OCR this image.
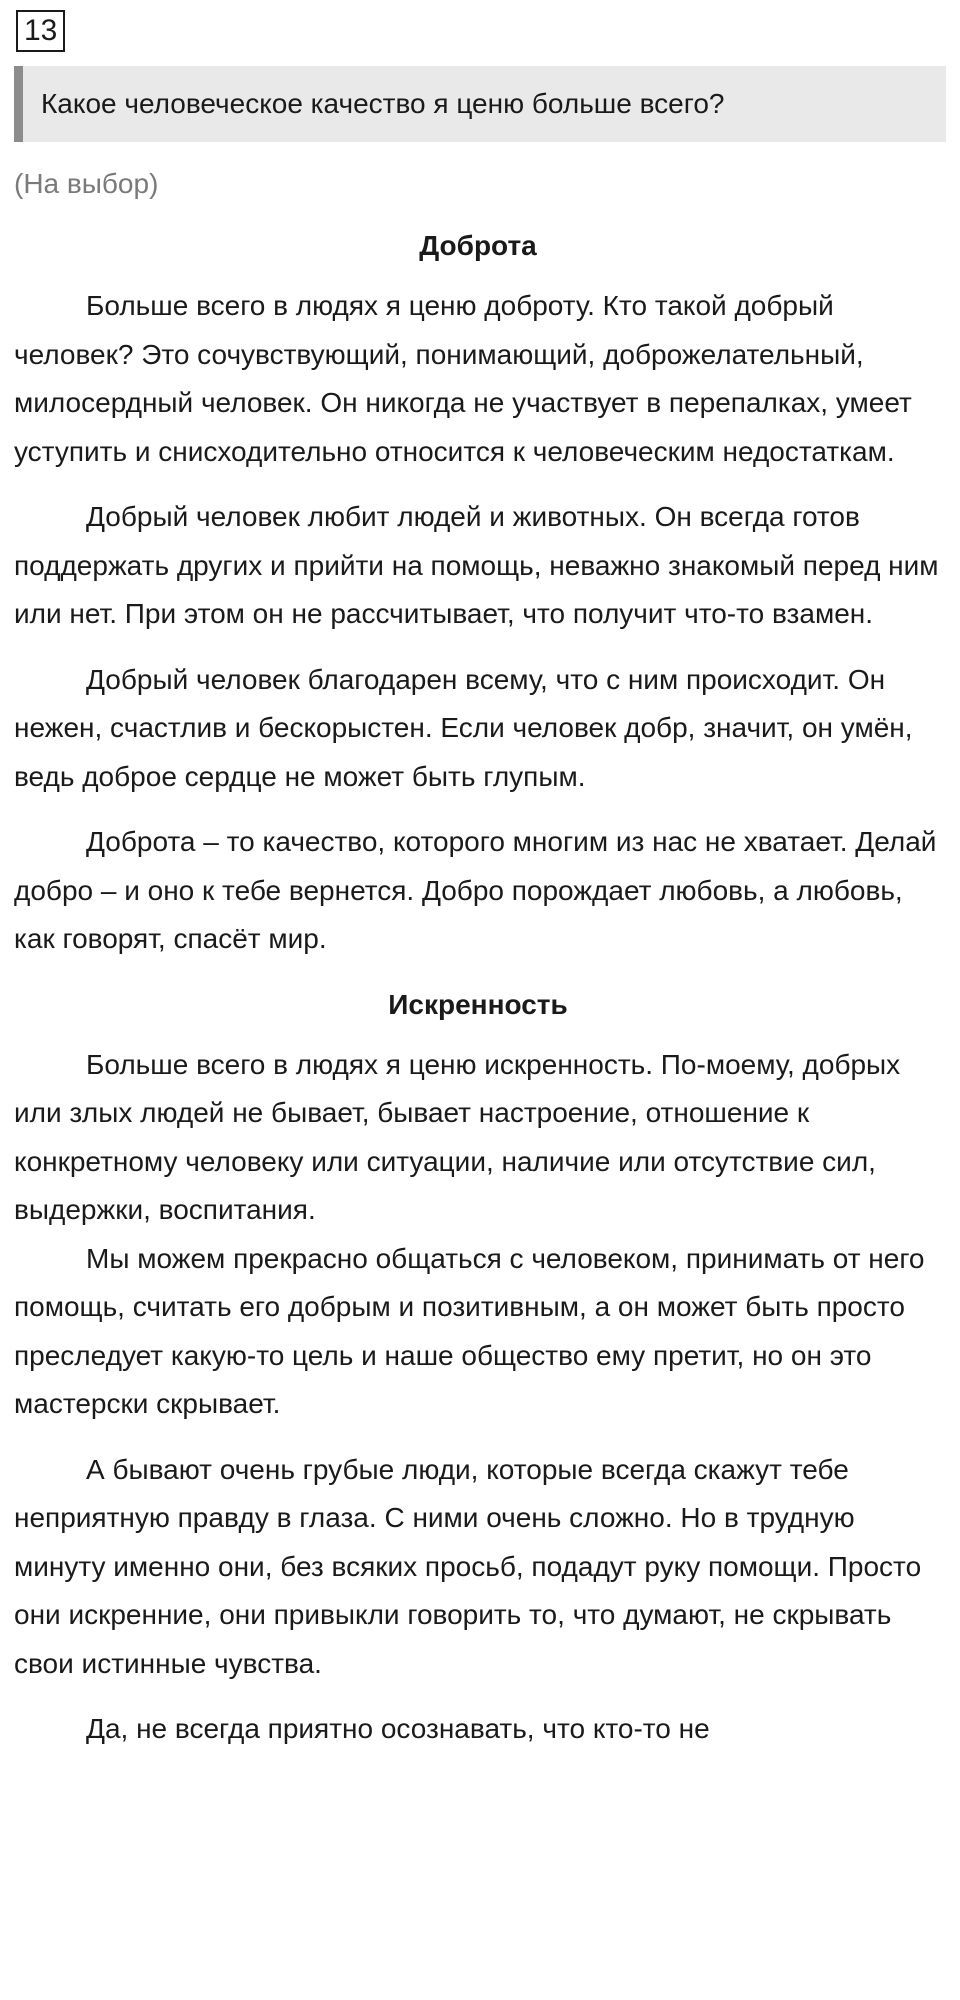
13
Какое человеческое качество я ценю больше всего?
(На выбор)
Доброта

Больше всего в людях я ценю доброту. Кто такой добрый человек? Это сочувствующий, понимающий, доброжелательный, милосердный человек. Он никогда не участвует в перепалках, умеет уступить и снисходительно относится к человеческим недостаткам.

Добрый человек любит людей и животных. Он всегда готов поддержать других и прийти на помощь, неважно знакомый перед ним или нет. При этом он не рассчитывает, что получит что-то взамен.

Добрый человек благодарен всему, что с ним происходит. Он нежен, счастлив и бескорыстен. Если человек добр, значит, он умён, ведь доброе сердце не может быть глупым.

Доброта – то качество, которого многим из нас не хватает. Делай добро – и оно к тебе вернется. Добро порождает любовь, а любовь, как говорят, спасёт мир.

Искренность

Больше всего в людях я ценю искренность. По-моему, добрых или злых людей не бывает, бывает настроение, отношение к конкретному человеку или ситуации, наличие или отсутствие сил, выдержки, воспитания.

Мы можем прекрасно общаться с человеком, принимать от него помощь, считать его добрым и позитивным, а он может быть просто преследует какую-то цель и наше общество ему претит, но он это мастерски скрывает.

А бывают очень грубые люди, которые всегда скажут тебе неприятную правду в глаза. С ними очень сложно. Но в трудную минуту именно они, без всяких просьб, подадут руку помощи. Просто они искренние, они привыкли говорить то, что думают, не скрывать свои истинные чувства.

Да, не всегда приятно осознавать, что кто-то не
